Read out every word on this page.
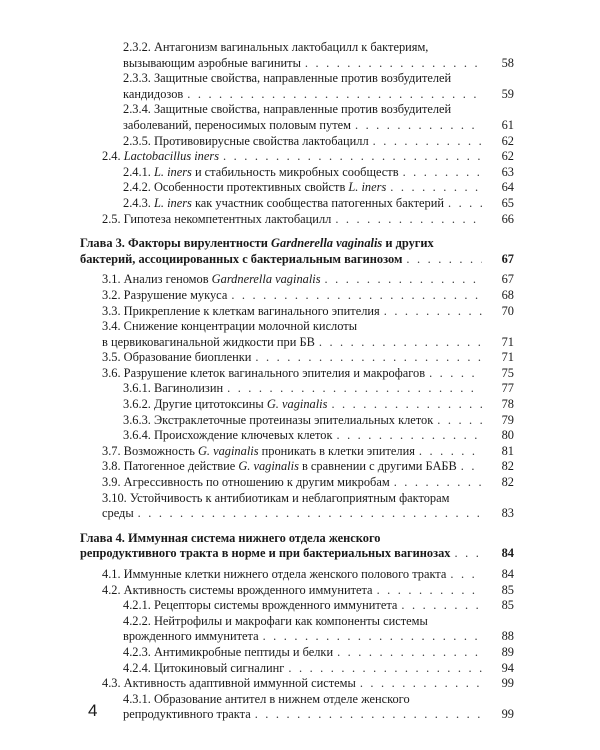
2.3.2. Антагонизм вагинальных лактобацилл к бактериям,
вызывающим аэробные вагиниты . . .	58
2.3.3. Защитные свойства, направленные против возбудителей
кандидозов . . .	59
2.3.4. Защитные свойства, направленные против возбудителей
заболеваний, переносимых половым путем . . .	61
2.3.5. Противовирусные свойства лактобацилл . . .	62
2.4. Lactobacillus iners . . .	62
2.4.1. L. iners и стабильность микробных сообществ . . .	63
2.4.2. Особенности протективных свойств L. iners . . .	64
2.4.3. L. iners как участник сообщества патогенных бактерий . . .	65
2.5. Гипотеза некомпетентных лактобацилл . . .	66
Глава 3. Факторы вирулентности Gardnerella vaginalis и других
бактерий, ассоциированных с бактериальным вагинозом . . .	67
3.1. Анализ геномов Gardnerella vaginalis . . .	67
3.2. Разрушение мукуса . . .	68
3.3. Прикрепление к клеткам вагинального эпителия . . .	70
3.4. Снижение концентрации молочной кислоты
в цервиковагинальной жидкости при БВ . . .	71
3.5. Образование биопленки . . .	71
3.6. Разрушение клеток вагинального эпителия и макрофагов . . .	75
3.6.1. Вагинолизин . . .	77
3.6.2. Другие цитотоксины G. vaginalis . . .	78
3.6.3. Экстраклеточные протеиназы эпителиальных клеток . . .	79
3.6.4. Происхождение ключевых клеток . . .	80
3.7. Возможность G. vaginalis проникать в клетки эпителия . . .	81
3.8. Патогенное действие G. vaginalis в сравнении с другими БАБВ . . .	82
3.9. Агрессивность по отношению к другим микробам . . .	82
3.10. Устойчивость к антибиотикам и неблагоприятным факторам
среды . . .	83
Глава 4. Иммунная система нижнего отдела женского
репродуктивного тракта в норме и при бактериальных вагинозах . . .	84
4.1. Иммунные клетки нижнего отдела женского полового тракта . . .	84
4.2. Активность системы врожденного иммунитета . . .	85
4.2.1. Рецепторы системы врожденного иммунитета . . .	85
4.2.2. Нейтрофилы и макрофаги как компоненты системы
врожденного иммунитета . . .	88
4.2.3. Антимикробные пептиды и белки . . .	89
4.2.4. Цитокиновый сигналинг . . .	94
4.3. Активность адаптивной иммунной системы . . .	99
4.3.1. Образование антител в нижнем отделе женского
репродуктивного тракта . . .	99
4
